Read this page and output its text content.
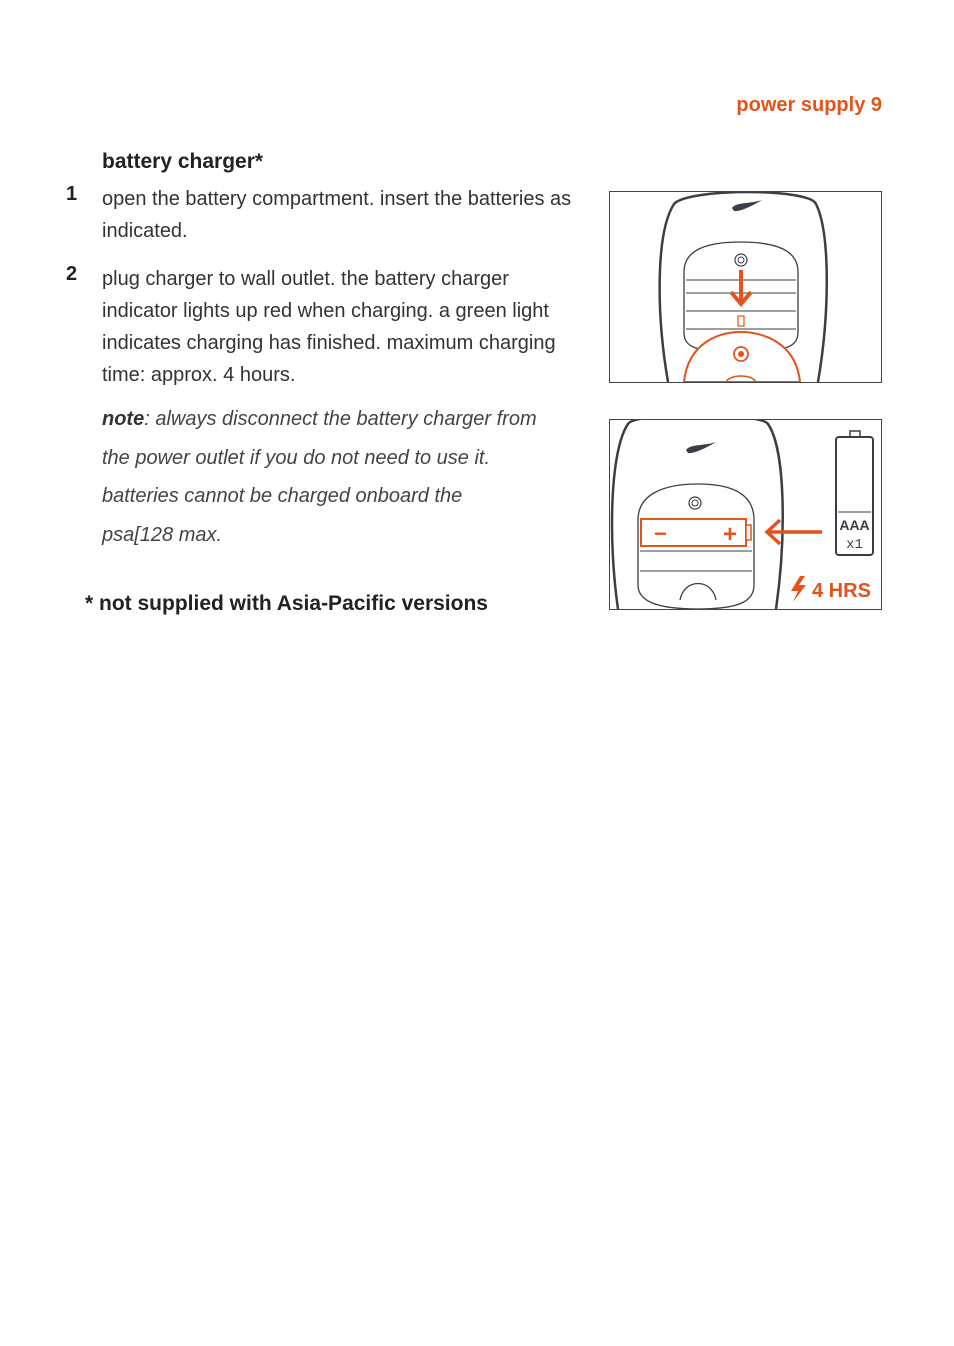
power supply 9
battery charger*
1 open the battery compartment. insert the batteries as indicated.
2 plug charger to wall outlet. the battery charger indicator lights up red when charging. a green light indicates charging has finished. maximum charging time: approx. 4 hours.
note: always disconnect the battery charger from
the power outlet if you do not need to use it.
batteries cannot be charged onboard the
psa[128 max.
* not supplied with Asia-Pacific versions
− +	AAA
x1
4 HRS
